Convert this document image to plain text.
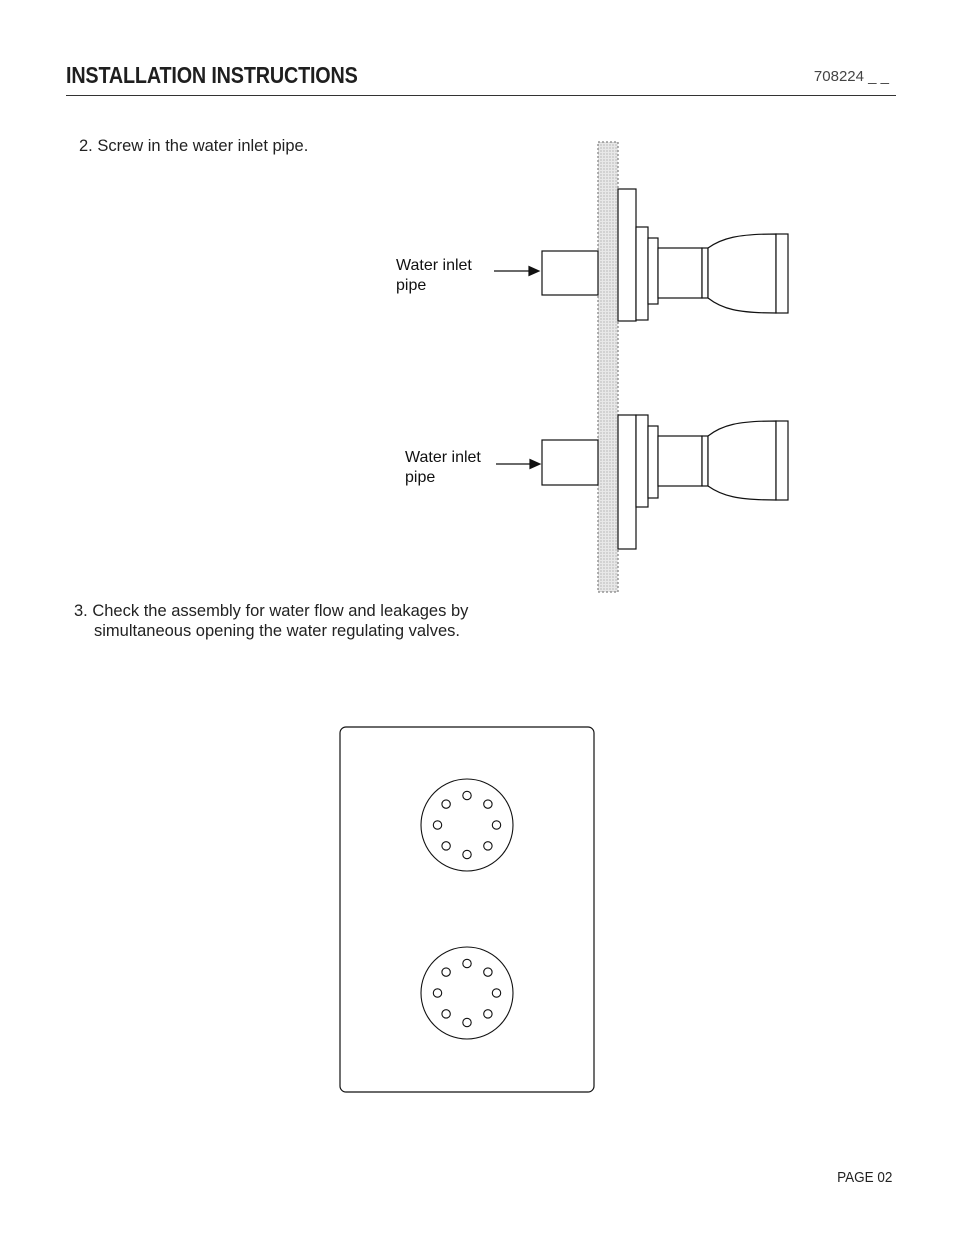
INSTALLATION INSTRUCTIONS	708224 _ _
2. Screw in the water inlet pipe.
3. Check the assembly for water flow and leakages by
simultaneous opening the water regulating valves.
Water inlet
pipe
Water inlet
pipe
PAGE 02
